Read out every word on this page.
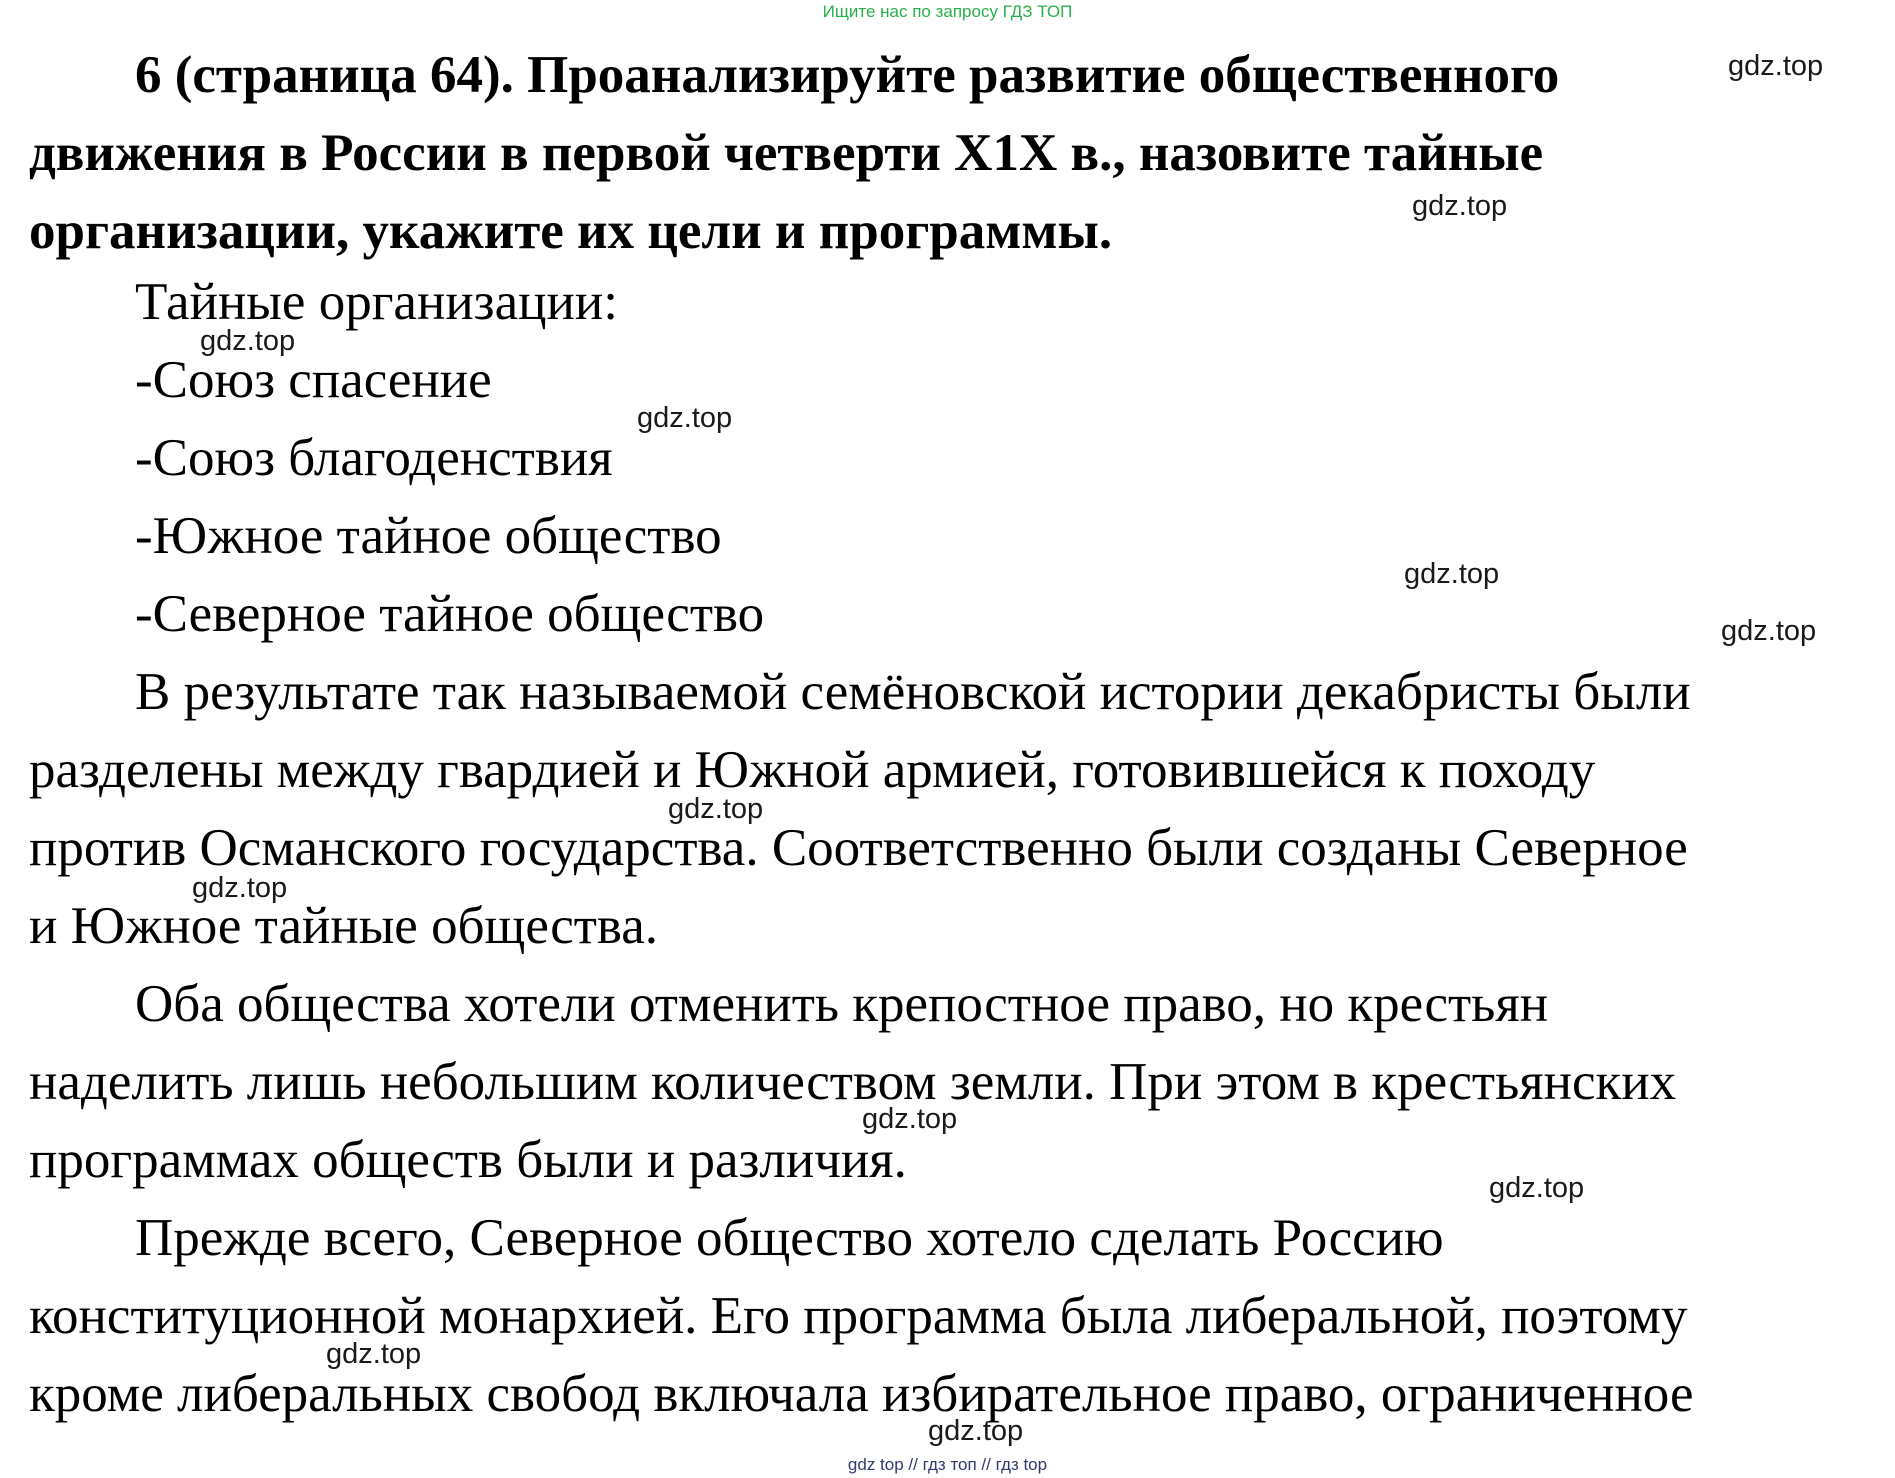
Ищите нас по запросу ГДЗ ТОП
6 (страница 64). Проанализируйте развитие общественного
движения в России в первой четверти X1X в., назовите тайные
организации, укажите их цели и программы.
Тайные организации:
-Союз спасение
-Союз благоденствия
-Южное тайное общество
-Северное тайное общество
В результате так называемой семёновской истории декабристы были
разделены между гвардией и Южной армией, готовившейся к походу
против Османского государства. Соответственно были созданы Северное
и Южное тайные общества.
Оба общества хотели отменить крепостное право, но крестьян
наделить лишь небольшим количеством земли. При этом в крестьянских
программах обществ были и различия.
Прежде всего, Северное общество хотело сделать Россию
конституционной монархией. Его программа была либеральной, поэтому
кроме либеральных свобод включала избирательное право, ограниченное
gdz.top
gdz.top
gdz.top
gdz.top
gdz.top
gdz.top
gdz.top
gdz.top
gdz.top
gdz.top
gdz.top
gdz.top
gdz top // гдз топ // гдз top
